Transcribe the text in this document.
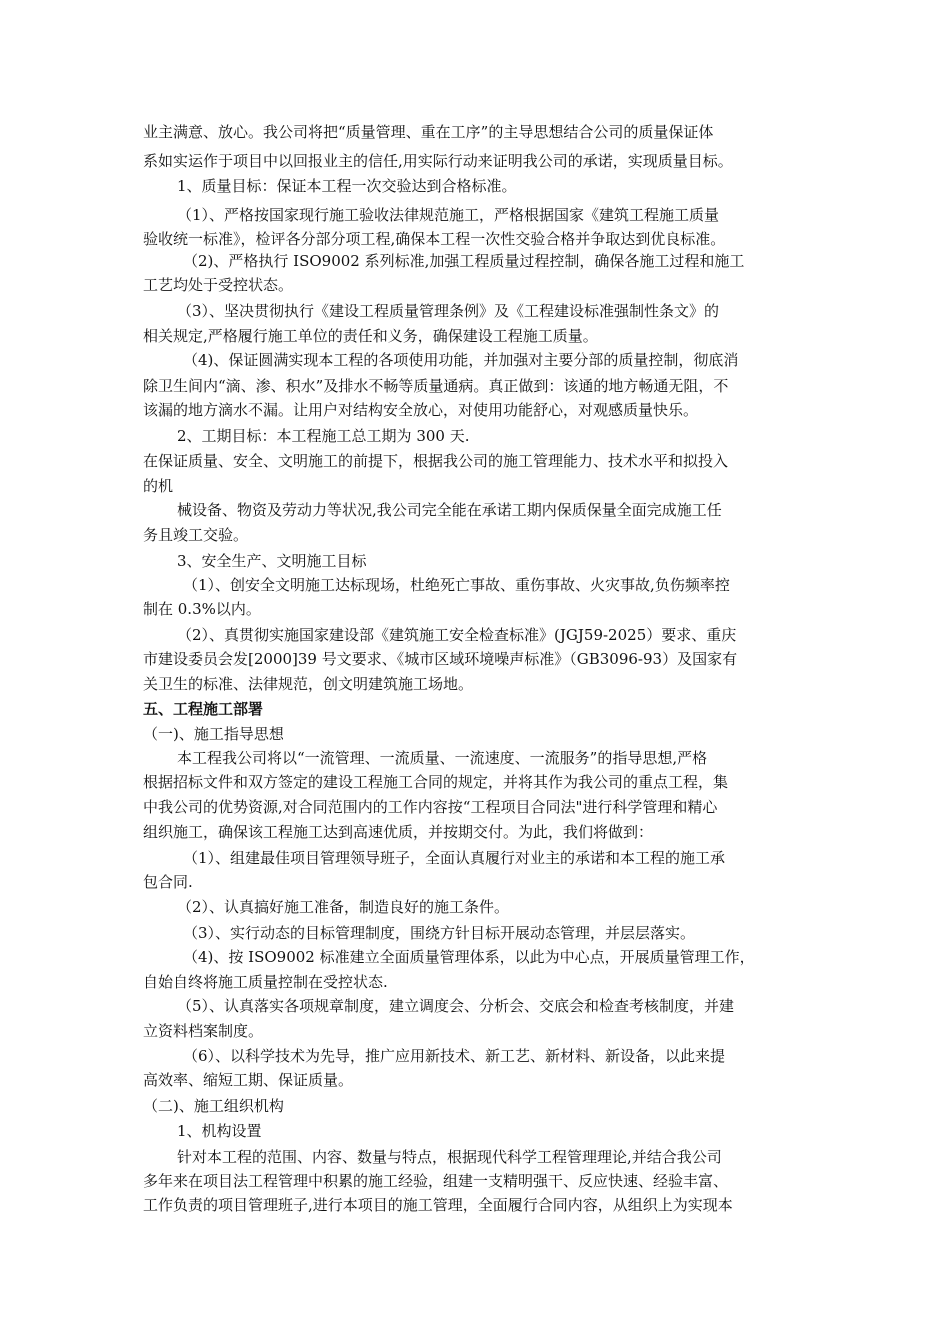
业主满意、放心。我公司将把“质量管理、重在工序”的主导思想结合公司的质量保证体
系如实运作于项目中以回报业主的信任,用实际行动来证明我公司的承诺，实现质量目标。
1、质量目标：保证本工程一次交验达到合格标准。
（1）、严格按国家现行施工验收法律规范施工，严格根据国家《建筑工程施工质量
验收统一标准》，检评各分部分项工程,确保本工程一次性交验合格并争取达到优良标准。
（2)、严格执行 ISO9002 系列标准,加强工程质量过程控制，确保各施工过程和施工
工艺均处于受控状态。
（3）、坚决贯彻执行《建设工程质量管理条例》及《工程建设标准强制性条文》的
相关规定,严格履行施工单位的责任和义务，确保建设工程施工质量。
（4)、保证圆满实现本工程的各项使用功能，并加强对主要分部的质量控制，彻底消
除卫生间内“滴、渗、积水”及排水不畅等质量通病。真正做到：该通的地方畅通无阻，不
该漏的地方滴水不漏。让用户对结构安全放心，对使用功能舒心，对观感质量快乐。
2、工期目标：本工程施工总工期为 300 天.
在保证质量、安全、文明施工的前提下，根据我公司的施工管理能力、技术水平和拟投入
的机
械设备、物资及劳动力等状况,我公司完全能在承诺工期内保质保量全面完成施工任
务且竣工交验。
3、安全生产、文明施工目标
（1）、创安全文明施工达标现场，杜绝死亡事故、重伤事故、火灾事故,负伤频率控
制在 0.3%以内。
（2）、真贯彻实施国家建设部《建筑施工安全检查标准》(JGJ59-2025）要求、重庆
市建设委员会发[2000]39 号文要求、《城市区域环境噪声标准》（GB3096-93）及国家有
关卫生的标准、法律规范，创文明建筑施工场地。
五、工程施工部署
（一)、施工指导思想
本工程我公司将以“一流管理、一流质量、一流速度、一流服务”的指导思想,严格
根据招标文件和双方签定的建设工程施工合同的规定，并将其作为我公司的重点工程，集
中我公司的优势资源,对合同范围内的工作内容按“工程项目合同法"进行科学管理和精心
组织施工，确保该工程施工达到高速优质，并按期交付。为此，我们将做到：
（1）、组建最佳项目管理领导班子，全面认真履行对业主的承诺和本工程的施工承
包合同.
（2）、认真搞好施工准备，制造良好的施工条件。
（3）、实行动态的目标管理制度，围绕方针目标开展动态管理，并层层落实。
（4)、按 ISO9002 标准建立全面质量管理体系，以此为中心点，开展质量管理工作，
自始自终将施工质量控制在受控状态.
（5）、认真落实各项规章制度，建立调度会、分析会、交底会和检查考核制度，并建
立资料档案制度。
（6）、以科学技术为先导，推广应用新技术、新工艺、新材料、新设备，以此来提
高效率、缩短工期、保证质量。
（二)、施工组织机构
1、机构设置
针对本工程的范围、内容、数量与特点，根据现代科学工程管理理论,并结合我公司
多年来在项目法工程管理中积累的施工经验，组建一支精明强干、反应快速、经验丰富、
工作负责的项目管理班子,进行本项目的施工管理，全面履行合同内容，从组织上为实现本
